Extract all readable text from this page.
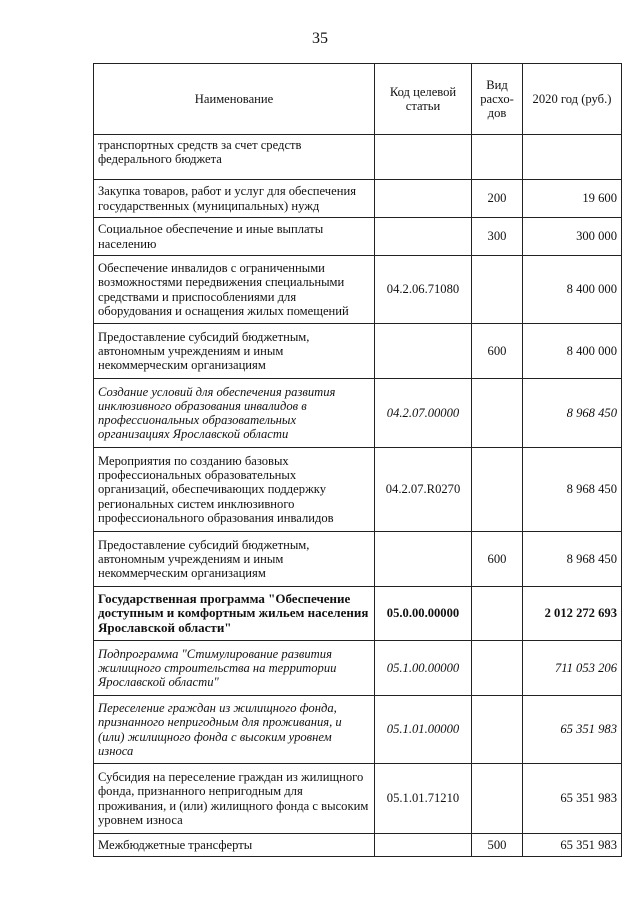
35
Наименование	Код целевой статьи	Вид расхо-дов	2020 год (руб.)
транспортных средств за счет средств федерального бюджета			
Закупка товаров, работ и услуг для обеспечения государственных (муниципальных) нужд		200	19 600
Социальное обеспечение и иные выплаты населению		300	300 000
Обеспечение инвалидов с ограниченными возможностями передвижения специальными средствами и приспособлениями для оборудования и оснащения жилых помещений	04.2.06.71080		8 400 000
Предоставление субсидий бюджетным, автономным учреждениям и иным некоммерческим организациям		600	8 400 000
Создание условий для обеспечения развития инклюзивного образования инвалидов в профессиональных образовательных организациях Ярославской области	04.2.07.00000		8 968 450
Мероприятия по созданию базовых профессиональных образовательных организаций, обеспечивающих поддержку региональных систем инклюзивного профессионального образования инвалидов	04.2.07.R0270		8 968 450
Предоставление субсидий бюджетным, автономным учреждениям и иным некоммерческим организациям		600	8 968 450
Государственная программа "Обеспечение доступным и комфортным жильем населения Ярославской области"	05.0.00.00000		2 012 272 693
Подпрограмма "Стимулирование развития жилищного строительства на территории Ярославской области"	05.1.00.00000		711 053 206
Переселение граждан из жилищного фонда, признанного непригодным для проживания, и (или) жилищного фонда с высоким уровнем износа	05.1.01.00000		65 351 983
Субсидия на переселение граждан из жилищного фонда, признанного непригодным для проживания, и (или) жилищного фонда с высоким уровнем износа	05.1.01.71210		65 351 983
Межбюджетные трансферты		500	65 351 983
